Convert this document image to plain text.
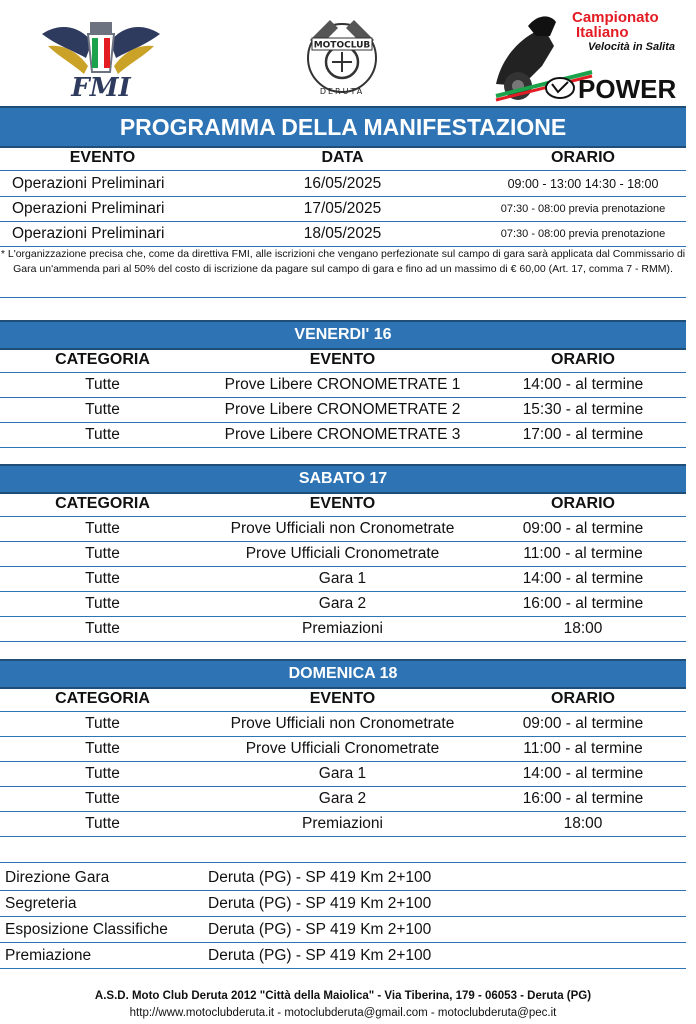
FMI
MOTOCLUB
DERUTA
Campionato
Italiano
Velocità in Salita
POWER
PROGRAMMA DELLA MANIFESTAZIONE
EVENTO	DATA	ORARIO
Operazioni Preliminari	16/05/2025	09:00 - 13:00 14:30 - 18:00
Operazioni Preliminari	17/05/2025	07:30 - 08:00 previa prenotazione
Operazioni Preliminari	18/05/2025	07:30 - 08:00 previa prenotazione
* L'organizzazione precisa che, come da direttiva FMI, alle iscrizioni che vengano perfezionate sul campo di gara sarà applicata dal Commissario di Gara un'ammenda pari al 50% del costo di iscrizione da pagare sul campo di gara e fino ad un massimo di € 60,00 (Art. 17, comma 7 - RMM).
VENERDI' 16
CATEGORIA	EVENTO	ORARIO
Tutte	Prove Libere CRONOMETRATE 1	14:00 - al termine
Tutte	Prove Libere CRONOMETRATE 2	15:30 - al termine
Tutte	Prove Libere CRONOMETRATE 3	17:00 - al termine
SABATO 17
CATEGORIA	EVENTO	ORARIO
Tutte	Prove Ufficiali non Cronometrate	09:00 - al termine
Tutte	Prove Ufficiali Cronometrate	11:00 - al termine
Tutte	Gara 1	14:00 - al termine
Tutte	Gara 2	16:00 - al termine
Tutte	Premiazioni	18:00
DOMENICA 18
CATEGORIA	EVENTO	ORARIO
Tutte	Prove Ufficiali non Cronometrate	09:00 - al termine
Tutte	Prove Ufficiali Cronometrate	11:00 - al termine
Tutte	Gara 1	14:00 - al termine
Tutte	Gara 2	16:00 - al termine
Tutte	Premiazioni	18:00
Direzione Gara	Deruta (PG) - SP 419 Km 2+100
Segreteria	Deruta (PG) - SP 419 Km 2+100
Esposizione Classifiche	Deruta (PG) - SP 419 Km 2+100
Premiazione	Deruta (PG) - SP 419 Km 2+100
A.S.D. Moto Club Deruta 2012 "Città della Maiolica" - Via Tiberina, 179 - 06053 - Deruta (PG)
http://www.motoclubderuta.it - motoclubderuta@gmail.com - motoclubderuta@pec.it
